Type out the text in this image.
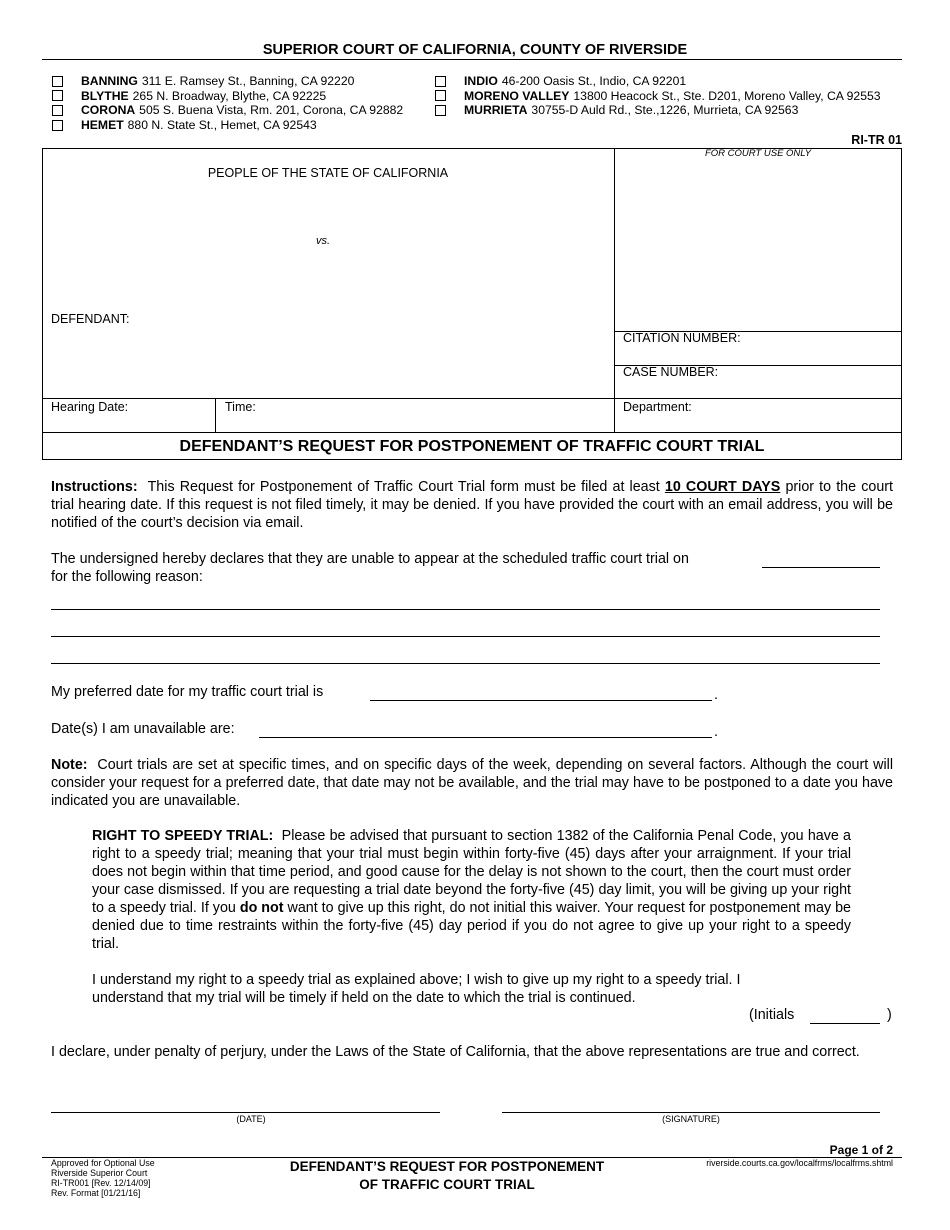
SUPERIOR COURT OF CALIFORNIA, COUNTY OF RIVERSIDE
BANNING 311 E. Ramsey St., Banning, CA 92220
BLYTHE 265 N. Broadway, Blythe, CA 92225
CORONA 505 S. Buena Vista, Rm. 201, Corona, CA 92882
HEMET 880 N. State St., Hemet, CA 92543
INDIO 46-200 Oasis St., Indio, CA 92201
MORENO VALLEY 13800 Heacock St., Ste. D201, Moreno Valley, CA 92553
MURRIETA 30755-D Auld Rd., Ste.,1226, Murrieta, CA 92563
RI-TR 01
PEOPLE OF THE STATE OF CALIFORNIA
vs.
DEFENDANT:
FOR COURT USE ONLY
CITATION NUMBER:
CASE NUMBER:
Hearing Date:	Time:	Department:
DEFENDANT’S REQUEST FOR POSTPONEMENT OF TRAFFIC COURT TRIAL
Instructions: This Request for Postponement of Traffic Court Trial form must be filed at least 10 COURT DAYS prior to the court trial hearing date. If this request is not filed timely, it may be denied. If you have provided the court with an email address, you will be notified of the court’s decision via email.
The undersigned hereby declares that they are unable to appear at the scheduled traffic court trial on
for the following reason:
My preferred date for my traffic court trial is	.
Date(s) I am unavailable are:	.
Note: Court trials are set at specific times, and on specific days of the week, depending on several factors. Although the court will consider your request for a preferred date, that date may not be available, and the trial may have to be postponed to a date you have indicated you are unavailable.
RIGHT TO SPEEDY TRIAL: Please be advised that pursuant to section 1382 of the California Penal Code, you have a right to a speedy trial; meaning that your trial must begin within forty-five (45) days after your arraignment. If your trial does not begin within that time period, and good cause for the delay is not shown to the court, then the court must order your case dismissed. If you are requesting a trial date beyond the forty-five (45) day limit, you will be giving up your right to a speedy trial. If you do not want to give up this right, do not initial this waiver. Your request for postponement may be denied due to time restraints within the forty-five (45) day period if you do not agree to give up your right to a speedy trial.
I understand my right to a speedy trial as explained above; I wish to give up my right to a speedy trial. I understand that my trial will be timely if held on the date to which the trial is continued.
(Initials	)
I declare, under penalty of perjury, under the Laws of the State of California, that the above representations are true and correct.
(DATE)	(SIGNATURE)
Page 1 of 2
Approved for Optional Use
Riverside Superior Court
RI-TR001 [Rev. 12/14/09]
Rev. Format [01/21/16]
DEFENDANT’S REQUEST FOR POSTPONEMENT
OF TRAFFIC COURT TRIAL
riverside.courts.ca.gov/localfrms/localfrms.shtml
